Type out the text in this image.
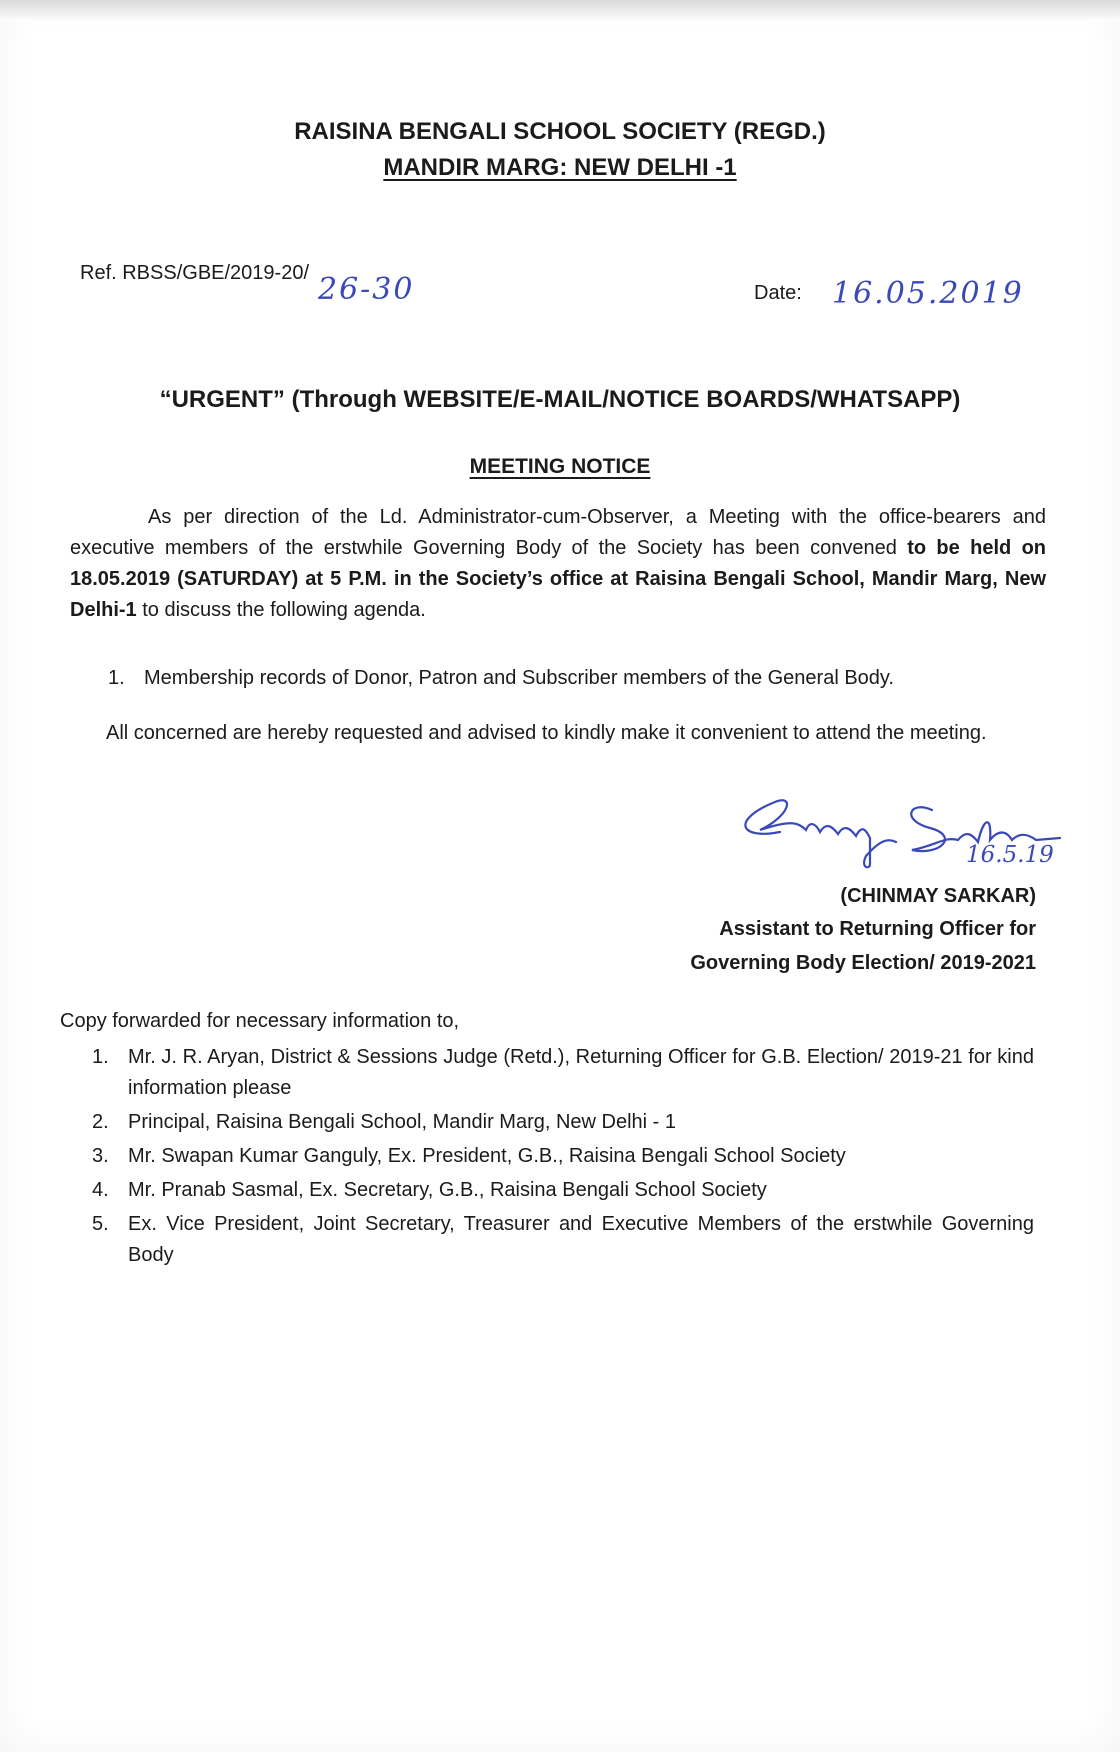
RAISINA BENGALI SCHOOL SOCIETY (REGD.)
MANDIR MARG: NEW DELHI -1
Ref. RBSS/GBE/2019-20/ 26-30	Date: 16.05.2019
“URGENT” (Through WEBSITE/E-MAIL/NOTICE BOARDS/WHATSAPP)
MEETING NOTICE
As per direction of the Ld. Administrator-cum-Observer, a Meeting with the office-bearers and executive members of the erstwhile Governing Body of the Society has been convened to be held on 18.05.2019 (SATURDAY) at 5 P.M. in the Society’s office at Raisina Bengali School, Mandir Marg, New Delhi-1 to discuss the following agenda.
1. Membership records of Donor, Patron and Subscriber members of the General Body.
All concerned are hereby requested and advised to kindly make it convenient to attend the meeting.
16.5.19
(CHINMAY SARKAR)
Assistant to Returning Officer for
Governing Body Election/ 2019-2021
Copy forwarded for necessary information to,
1. Mr. J. R. Aryan, District & Sessions Judge (Retd.), Returning Officer for G.B. Election/ 2019-21 for kind information please
2. Principal, Raisina Bengali School, Mandir Marg, New Delhi - 1
3. Mr. Swapan Kumar Ganguly, Ex. President, G.B., Raisina Bengali School Society
4. Mr. Pranab Sasmal, Ex. Secretary, G.B., Raisina Bengali School Society
5. Ex. Vice President, Joint Secretary, Treasurer and Executive Members of the erstwhile Governing Body
